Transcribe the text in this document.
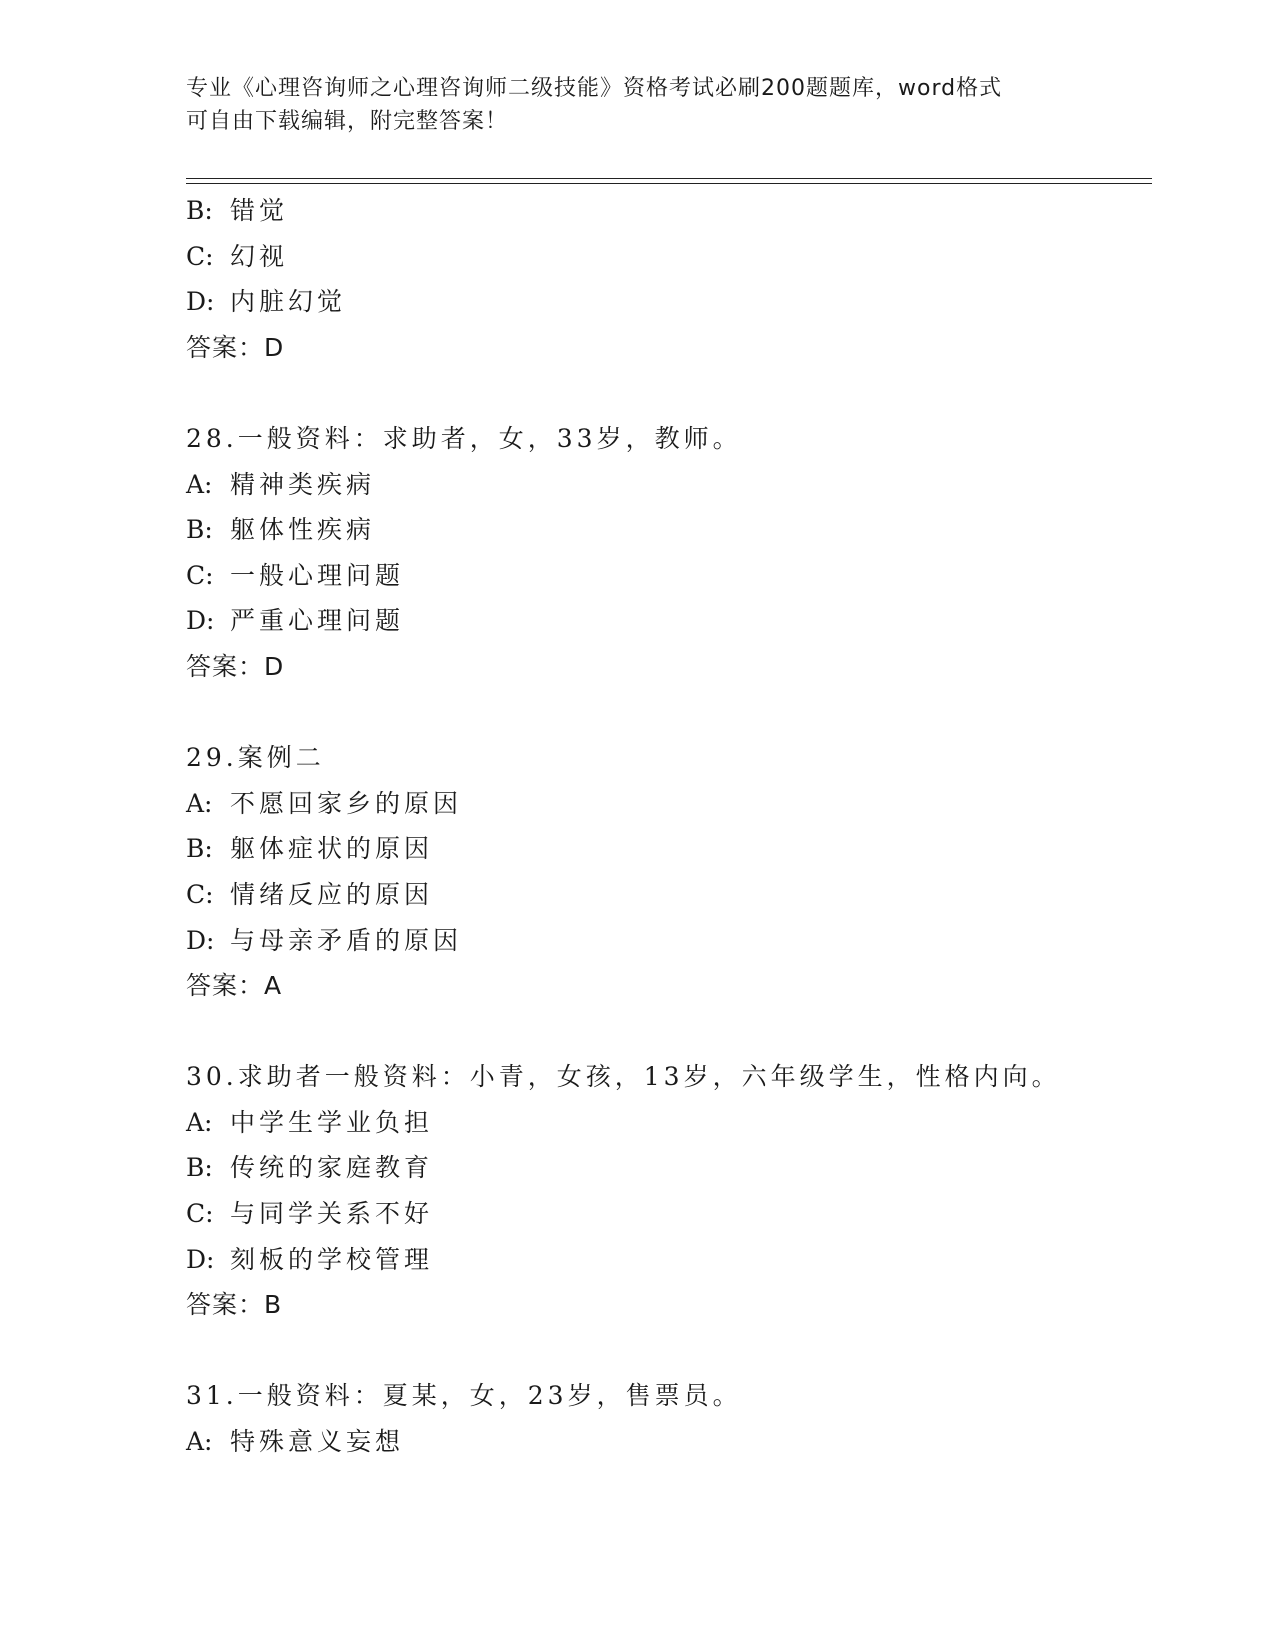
专业《心理咨询师之心理咨询师二级技能》资格考试必刷200题题库，word格式
可自由下载编辑，附完整答案！
B: 错觉
C: 幻视
D: 内脏幻觉
答案：D
28.一般资料：求助者，女，33岁，教师。
A: 精神类疾病
B: 躯体性疾病
C: 一般心理问题
D: 严重心理问题
答案：D
29.案例二
A: 不愿回家乡的原因
B: 躯体症状的原因
C: 情绪反应的原因
D: 与母亲矛盾的原因
答案：A
30.求助者一般资料：小青，女孩，13岁，六年级学生，性格内向。
A: 中学生学业负担
B: 传统的家庭教育
C: 与同学关系不好
D: 刻板的学校管理
答案：B
31.一般资料：夏某，女，23岁，售票员。
A: 特殊意义妄想
